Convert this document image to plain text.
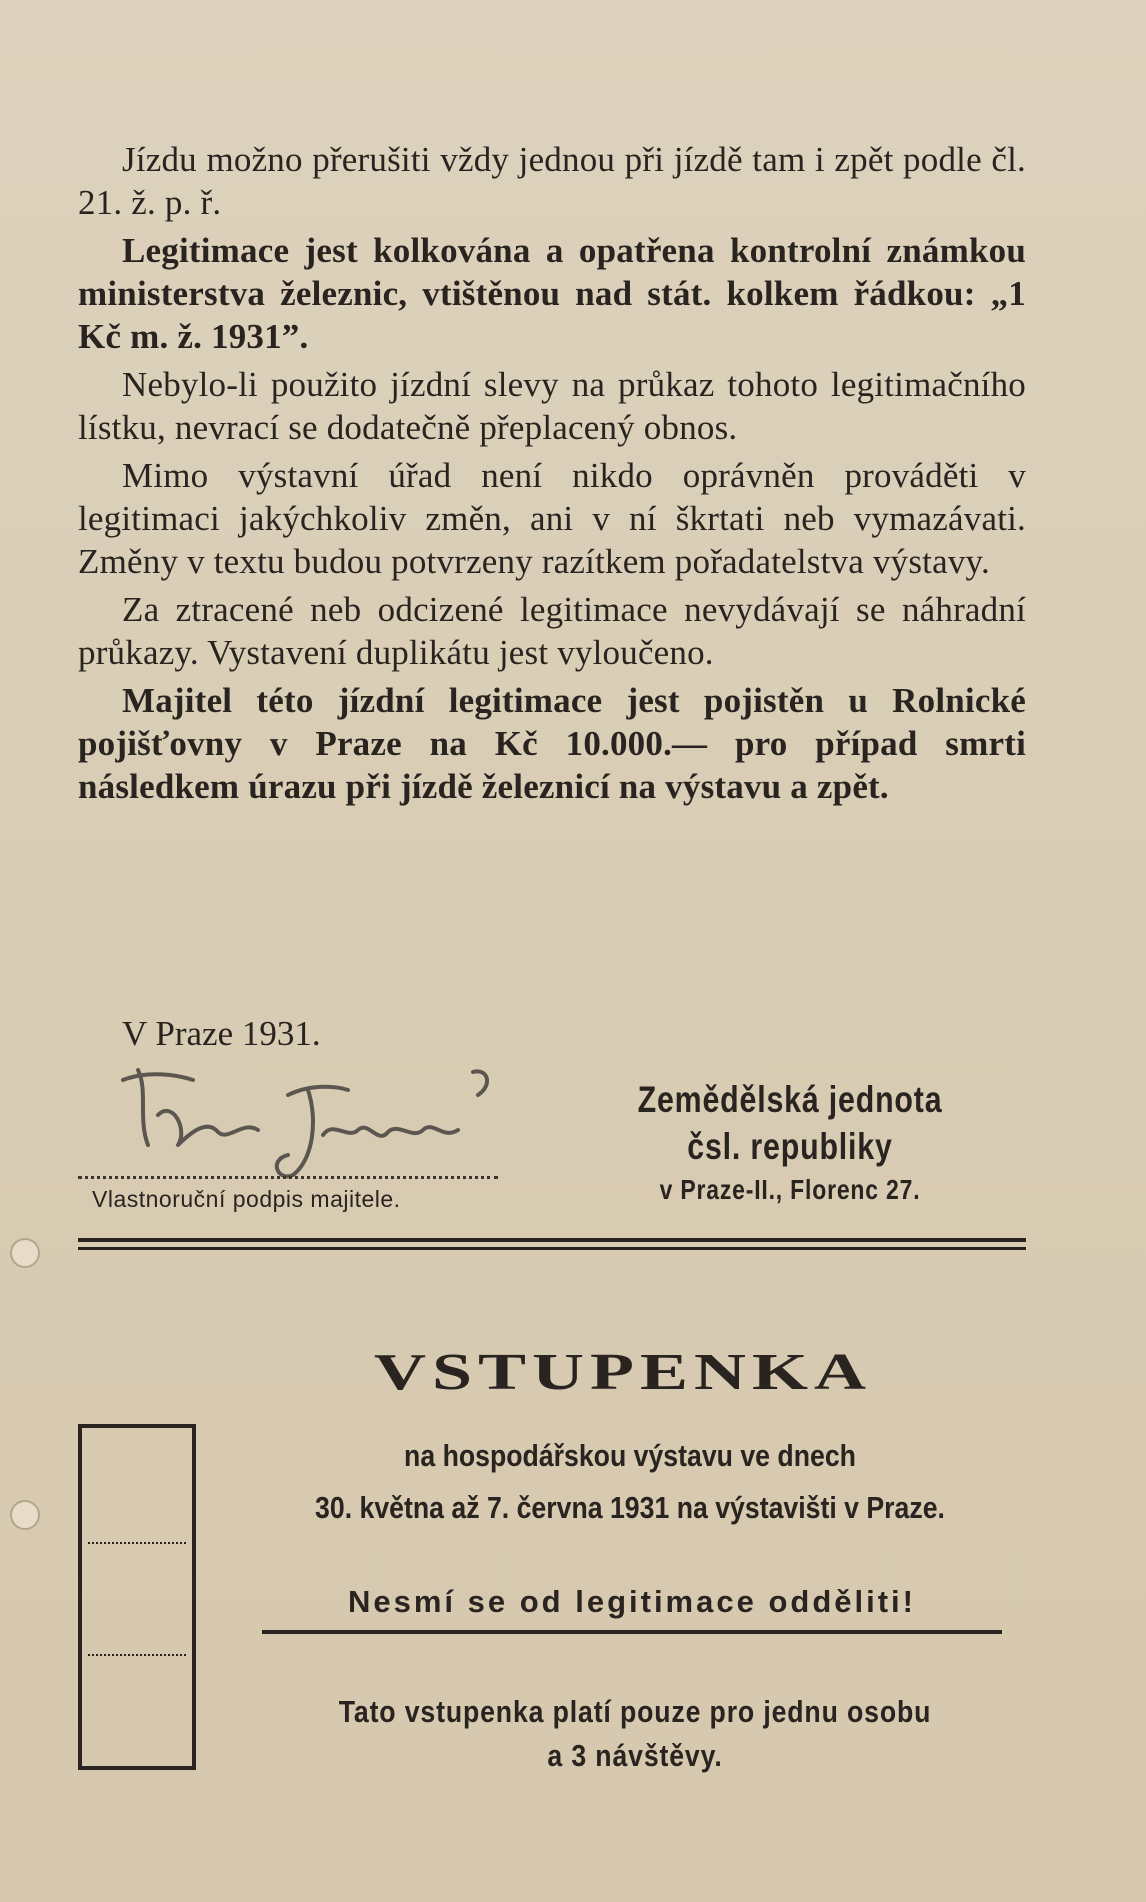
Jízdu možno přerušiti vždy jednou při jízdě tam i zpět podle čl. 21. ž. p. ř.

Legitimace jest kolkována a opatřena kontrolní známkou ministerstva železnic, vtištěnou nad stát. kolkem řádkou: „1 Kč m. ž. 1931”.

Nebylo-li použito jízdní slevy na průkaz tohoto legitimačního lístku, nevrací se dodatečně přeplacený obnos.

Mimo výstavní úřad není nikdo oprávněn prováděti v legitimaci jakýchkoliv změn, ani v ní škrtati neb vymazávati. Změny v textu budou potvrzeny razítkem pořadatelstva výstavy.

Za ztracené neb odcizené legitimace nevydávají se náhradní průkazy. Vystavení duplikátu jest vyloučeno.

Majitel této jízdní legitimace jest pojistěn u Rolnické pojišťovny v Praze na Kč 10.000.— pro případ smrti následkem úrazu při jízdě železnicí na výstavu a zpět.

V Praze 1931.
Vlastnoruční podpis majitele.
Zemědělská jednota
čsl. republiky
v Praze-II., Florenc 27.
VSTUPENKA
na hospodářskou výstavu ve dnech
30. května až 7. června 1931 na výstavišti v Praze.
Nesmí se od legitimace odděliti!
Tato vstupenka platí pouze pro jednu osobu
a 3 návštěvy.
